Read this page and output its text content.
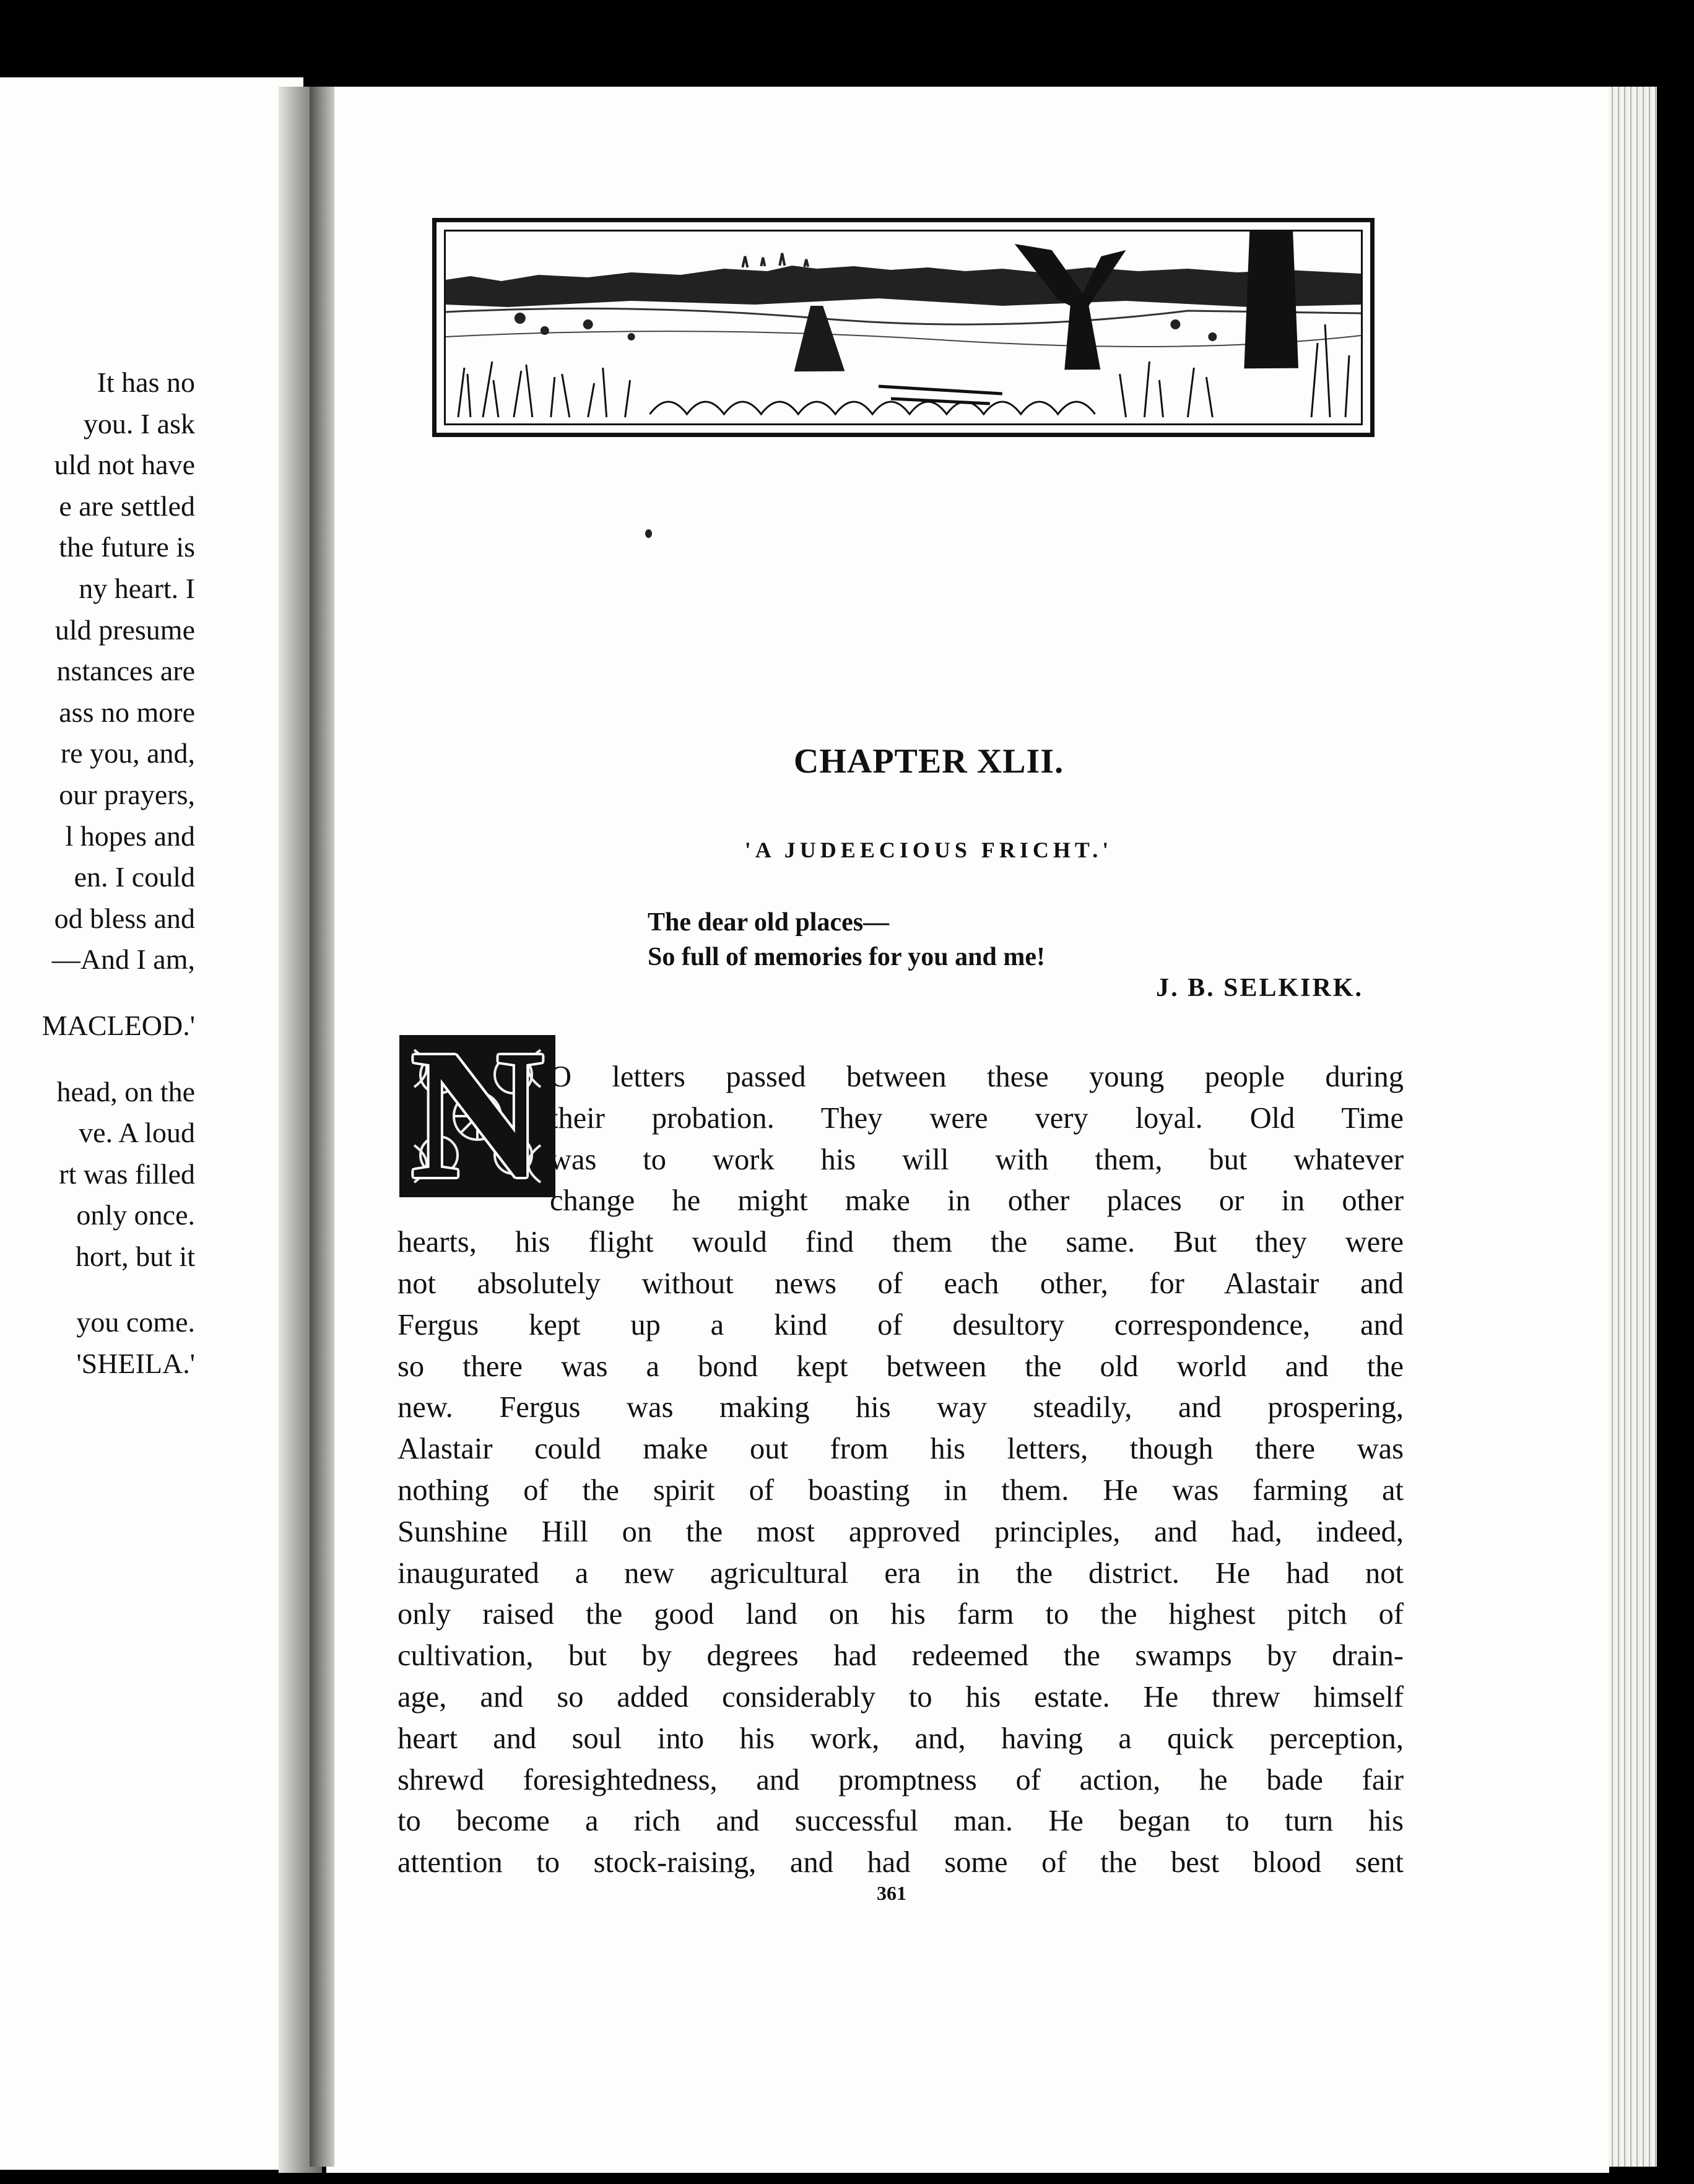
It has no
you. I ask
uld not have
e are settled
the future is
ny heart. I
uld presume
nstances are
ass no more
re you, and,
our prayers,
l hopes and
en. I could
od bless and
—And I am,
MACLEOD.'
head, on the
ve. A loud
rt was filled
only once.
hort, but it
you come.
'SHEILA.'
CHAPTER XLII.
'A JUDEECIOUS FRICHT.'
The dear old places—
So full of memories for you and me!
J. B. SELKIRK.
N O letters passed between these young people during
their probation. They were very loyal. Old Time
was to work his will with them, but whatever
change he might make in other places or in other
hearts, his flight would find them the same. But they were
not absolutely without news of each other, for Alastair and
Fergus kept up a kind of desultory correspondence, and
so there was a bond kept between the old world and the
new. Fergus was making his way steadily, and prospering,
Alastair could make out from his letters, though there was
nothing of the spirit of boasting in them. He was farming at
Sunshine Hill on the most approved principles, and had, indeed,
inaugurated a new agricultural era in the district. He had not
only raised the good land on his farm to the highest pitch of
cultivation, but by degrees had redeemed the swamps by drain-
age, and so added considerably to his estate. He threw himself
heart and soul into his work, and, having a quick perception,
shrewd foresightedness, and promptness of action, he bade fair
to become a rich and successful man. He began to turn his
attention to stock-raising, and had some of the best blood sent
361
